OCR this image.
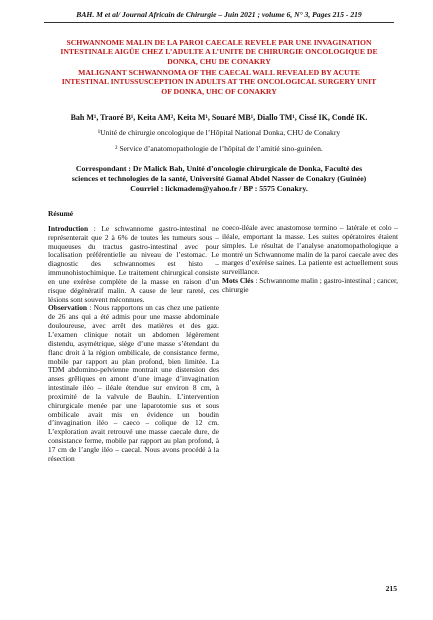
BAH. M et al/ Journal Africain de Chirurgie – Juin 2021 ; volume 6, N° 3, Pages 215 - 219
SCHWANNOME MALIN DE LA PAROI CAECALE REVELE PAR UNE INVAGINATION INTESTINALE AIGÜE CHEZ L’ADULTE A L’UNITE DE CHIRURGIE ONCOLOGIQUE DE DONKA, CHU DE CONAKRY
MALIGNANT SCHWANNOMA OF THE CAECAL WALL REVEALED BY ACUTE INTESTINAL INTUSSUSCEPTION IN ADULTS AT THE ONCOLOGICAL SURGERY UNIT OF DONKA, UHC OF CONAKRY
Bah M¹, Traoré B¹, Keita AM², Keita M¹, Souaré MB¹, Diallo TM¹, Cissé IK, Condé IK.
¹Unité de chirurgie oncologique de l’Hôpital National Donka, CHU de Conakry
² Service d’anatomopathologie de l’hôpital de l’amitié sino-guinéen.
Correspondant : Dr Malick Bah, Unité d’oncologie chirurgicale de Donka, Faculté des sciences et technologies de la santé, Université Gamal Abdel Nasser de Conakry (Guinée) Courriel : lickmadem@yahoo.fr / BP : 5575 Conakry.
Résumé

Introduction : Le schwannome gastro-intestinal ne représenterait que 2 à 6% de toutes les tumeurs sous – muqueuses du tractus gastro-intestinal avec pour localisation préférentielle au niveau de l’estomac. Le diagnostic des schwannomes est histo – immunohistochimique. Le traitement chirurgical consiste en une exérèse complète de la masse en raison d’un risque dégénératif malin. A cause de leur rareté, ces lésions sont souvent méconnues.

Observation : Nous rapportons un cas chez une patiente de 26 ans qui a été admis pour une masse abdominale douloureuse, avec arrêt des matières et des gaz. L’examen clinique notait un abdomen légèrement distendu, asymétrique, siège d’une masse s’étendant du flanc droit à la région ombilicale, de consistance ferme, mobile par rapport au plan profond, bien limitée. La TDM abdomino-pelvienne montrait une distension des anses grêliques en amont d’une image d’invagination intestinale iléo – iléale étendue sur environ 8 cm, à proximité de la valvule de Bauhin. L’intervention chirurgicale menée par une laparotomie sus et sous ombilicale avait mis en évidence un boudin d’invagination iléo – caeco – colique de 12 cm. L’exploration avait retrouvé une masse caecale dure, de consistance ferme, mobile par rapport au plan profond, à 17 cm de l’angle iléo – caecal. Nous avons procédé à la résection

coeco-iléale avec anastomose termino – latérale et colo – iléale, emportant la masse. Les suites opératoires étaient simples. Le résultat de l’analyse anatomopathologique a montré un Schwannome malin de la paroi caecale avec des marges d’exérèse saines. La patiente est actuellement sous surveillance.

Mots Clés : Schwannome malin ; gastro-intestinal ; cancer, chirurgie

215
